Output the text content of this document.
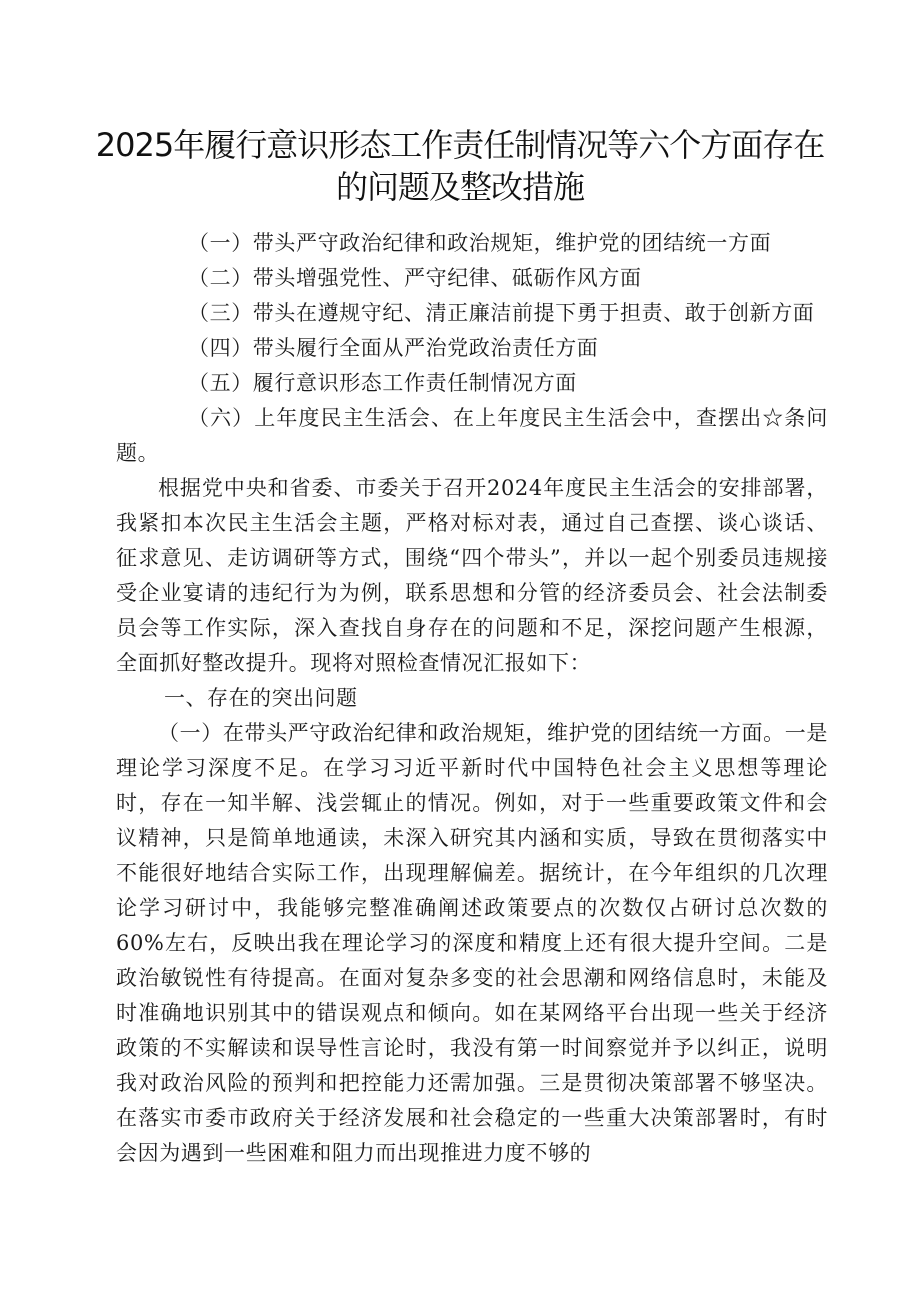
2025年履行意识形态工作责任制情况等六个方面存在的问题及整改措施

（一）带头严守政治纪律和政治规矩，维护党的团结统一方面

（二）带头增强党性、严守纪律、砥砺作风方面

（三）带头在遵规守纪、清正廉洁前提下勇于担责、敢于创新方面

（四）带头履行全面从严治党政治责任方面

（五）履行意识形态工作责任制情况方面

（六）上年度民主生活会、在上年度民主生活会中，查摆出☆条问题。

根据党中央和省委、市委关于召开2024年度民主生活会的安排部署，我紧扣本次民主生活会主题，严格对标对表，通过自己查摆、谈心谈话、征求意见、走访调研等方式，围绕“四个带头”，并以一起个别委员违规接受企业宴请的违纪行为为例，联系思想和分管的经济委员会、社会法制委员会等工作实际，深入查找自身存在的问题和不足，深挖问题产生根源，全面抓好整改提升。现将对照检查情况汇报如下：

一、存在的突出问题

（一）在带头严守政治纪律和政治规矩，维护党的团结统一方面。一是理论学习深度不足。在学习习近平新时代中国特色社会主义思想等理论时，存在一知半解、浅尝辄止的情况。例如，对于一些重要政策文件和会议精神，只是简单地通读，未深入研究其内涵和实质，导致在贯彻落实中不能很好地结合实际工作，出现理解偏差。据统计，在今年组织的几次理论学习研讨中，我能够完整准确阐述政策要点的次数仅占研讨总次数的60%左右，反映出我在理论学习的深度和精度上还有很大提升空间。二是政治敏锐性有待提高。在面对复杂多变的社会思潮和网络信息时，未能及时准确地识别其中的错误观点和倾向。如在某网络平台出现一些关于经济政策的不实解读和误导性言论时，我没有第一时间察觉并予以纠正，说明我对政治风险的预判和把控能力还需加强。三是贯彻决策部署不够坚决。在落实市委市政府关于经济发展和社会稳定的一些重大决策部署时，有时会因为遇到一些困难和阻力而出现推进力度不够的
